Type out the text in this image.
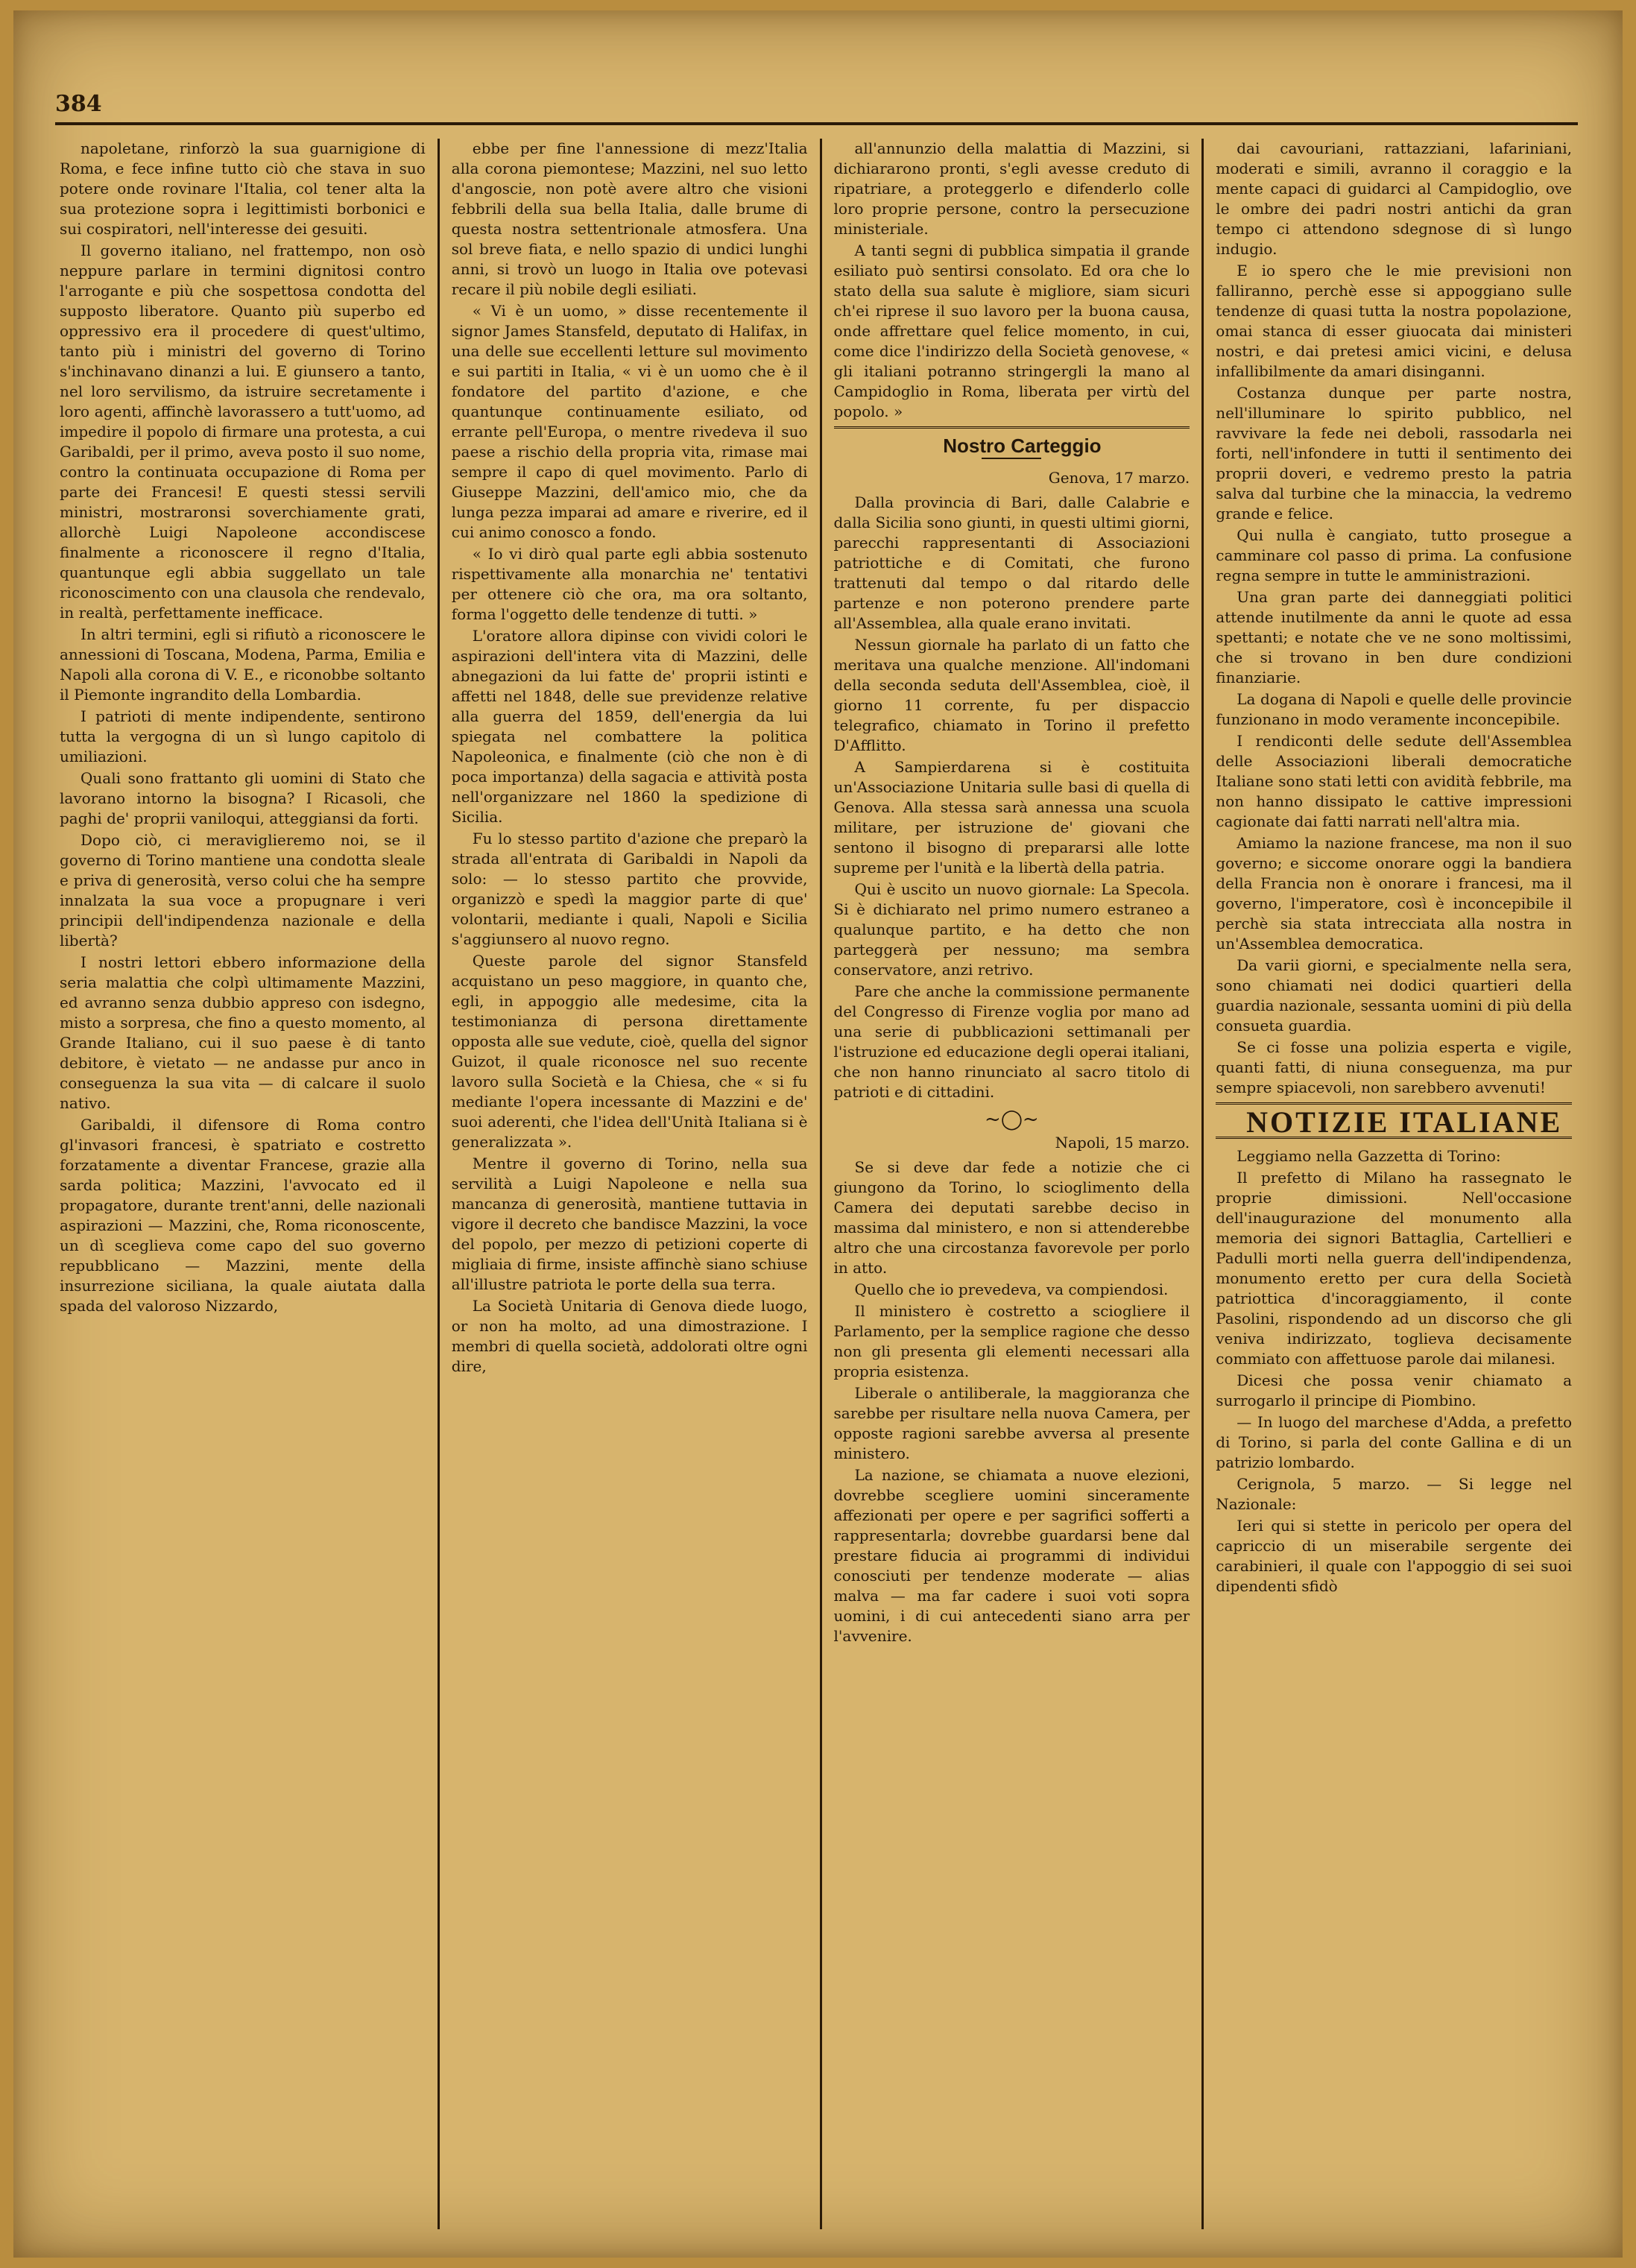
384

napoletane, rinforzò la sua guarnigione di Roma, e fece infine tutto ciò che stava in suo potere onde rovinare l'Italia, col tener alta la sua protezione sopra i legittimisti borbonici e sui cospiratori, nell'interesse dei gesuiti.

Il governo italiano, nel frattempo, non osò neppure parlare in termini dignitosi contro l'arrogante e più che sospettosa condotta del supposto liberatore. Quanto più superbo ed oppressivo era il procedere di quest'ultimo, tanto più i ministri del governo di Torino s'inchinavano dinanzi a lui. E giunsero a tanto, nel loro servilismo, da istruire secretamente i loro agenti, affinchè lavorassero a tutt'uomo, ad impedire il popolo di firmare una protesta, a cui Garibaldi, per il primo, aveva posto il suo nome, contro la continuata occupazione di Roma per parte dei Francesi! E questi stessi servili ministri, mostraronsi soverchiamente grati, allorchè Luigi Napoleone accondiscese finalmente a riconoscere il regno d'Italia, quantunque egli abbia suggellato un tale riconoscimento con una clausola che rendevalo, in realtà, perfettamente inefficace.

In altri termini, egli si rifiutò a riconoscere le annessioni di Toscana, Modena, Parma, Emilia e Napoli alla corona di V. E., e riconobbe soltanto il Piemonte ingrandito della Lombardia.

I patrioti di mente indipendente, sentirono tutta la vergogna di un sì lungo capitolo di umiliazioni.

Quali sono frattanto gli uomini di Stato che lavorano intorno la bisogna? I Ricasoli, che paghi de' proprii vaniloqui, atteggiansi da forti.

Dopo ciò, ci meraviglieremo noi, se il governo di Torino mantiene una condotta sleale e priva di generosità, verso colui che ha sempre innalzata la sua voce a propugnare i veri principii dell'indipendenza nazionale e della libertà?

I nostri lettori ebbero informazione della seria malattia che colpì ultimamente Mazzini, ed avranno senza dubbio appreso con isdegno, misto a sorpresa, che fino a questo momento, al Grande Italiano, cui il suo paese è di tanto debitore, è vietato — ne andasse pur anco in conseguenza la sua vita — di calcare il suolo nativo.

Garibaldi, il difensore di Roma contro gl'invasori francesi, è spatriato e costretto forzatamente a diventar Francese, grazie alla sarda politica; Mazzini, l'avvocato ed il propagatore, durante trent'anni, delle nazionali aspirazioni — Mazzini, che, Roma riconoscente, un dì sceglieva come capo del suo governo repubblicano — Mazzini, mente della insurrezione siciliana, la quale aiutata dalla spada del valoroso Nizzardo,

ebbe per fine l'annessione di mezz'Italia alla corona piemontese; Mazzini, nel suo letto d'angoscie, non potè avere altro che visioni febbrili della sua bella Italia, dalle brume di questa nostra settentrionale atmosfera. Una sol breve fiata, e nello spazio di undici lunghi anni, si trovò un luogo in Italia ove potevasi recare il più nobile degli esiliati.

« Vi è un uomo, » disse recentemente il signor James Stansfeld, deputato di Halifax, in una delle sue eccellenti letture sul movimento e sui partiti in Italia, « vi è un uomo che è il fondatore del partito d'azione, e che quantunque continuamente esiliato, od errante pell'Europa, o mentre rivedeva il suo paese a rischio della propria vita, rimase mai sempre il capo di quel movimento. Parlo di Giuseppe Mazzini, dell'amico mio, che da lunga pezza imparai ad amare e riverire, ed il cui animo conosco a fondo.

« Io vi dirò qual parte egli abbia sostenuto rispettivamente alla monarchia ne' tentativi per ottenere ciò che ora, ma ora soltanto, forma l'oggetto delle tendenze di tutti. »

L'oratore allora dipinse con vividi colori le aspirazioni dell'intera vita di Mazzini, delle abnegazioni da lui fatte de' proprii istinti e affetti nel 1848, delle sue previdenze relative alla guerra del 1859, dell'energia da lui spiegata nel combattere la politica Napoleonica, e finalmente (ciò che non è di poca importanza) della sagacia e attività posta nell'organizzare nel 1860 la spedizione di Sicilia.

Fu lo stesso partito d'azione che preparò la strada all'entrata di Garibaldi in Napoli da solo: — lo stesso partito che provvide, organizzò e spedì la maggior parte di que' volontarii, mediante i quali, Napoli e Sicilia s'aggiunsero al nuovo regno.

Queste parole del signor Stansfeld acquistano un peso maggiore, in quanto che, egli, in appoggio alle medesime, cita la testimonianza di persona direttamente opposta alle sue vedute, cioè, quella del signor Guizot, il quale riconosce nel suo recente lavoro sulla Società e la Chiesa, che « si fu mediante l'opera incessante di Mazzini e de' suoi aderenti, che l'idea dell'Unità Italiana si è generalizzata ».

Mentre il governo di Torino, nella sua servilità a Luigi Napoleone e nella sua mancanza di generosità, mantiene tuttavia in vigore il decreto che bandisce Mazzini, la voce del popolo, per mezzo di petizioni coperte di migliaia di firme, insiste affinchè siano schiuse all'illustre patriota le porte della sua terra.

La Società Unitaria di Genova diede luogo, or non ha molto, ad una dimostrazione. I membri di quella società, addolorati oltre ogni dire,

all'annunzio della malattia di Mazzini, si dichiararono pronti, s'egli avesse creduto di ripatriare, a proteggerlo e difenderlo colle loro proprie persone, contro la persecuzione ministeriale.

A tanti segni di pubblica simpatia il grande esiliato può sentirsi consolato. Ed ora che lo stato della sua salute è migliore, siam sicuri ch'ei riprese il suo lavoro per la buona causa, onde affrettare quel felice momento, in cui, come dice l'indirizzo della Società genovese, « gli italiani potranno stringergli la mano al Campidoglio in Roma, liberata per virtù del popolo. »

Nostro Carteggio

Genova, 17 marzo.

Dalla provincia di Bari, dalle Calabrie e dalla Sicilia sono giunti, in questi ultimi giorni, parecchi rappresentanti di Associazioni patriottiche e di Comitati, che furono trattenuti dal tempo o dal ritardo delle partenze e non poterono prendere parte all'Assemblea, alla quale erano invitati.

Nessun giornale ha parlato di un fatto che meritava una qualche menzione. All'indomani della seconda seduta dell'Assemblea, cioè, il giorno 11 corrente, fu per dispaccio telegrafico, chiamato in Torino il prefetto D'Afflitto.

A Sampierdarena si è costituita un'Associazione Unitaria sulle basi di quella di Genova. Alla stessa sarà annessa una scuola militare, per istruzione de' giovani che sentono il bisogno di prepararsi alle lotte supreme per l'unità e la libertà della patria.

Qui è uscito un nuovo giornale: La Specola. Si è dichiarato nel primo numero estraneo a qualunque partito, e ha detto che non parteggerà per nessuno; ma sembra conservatore, anzi retrivo.

Pare che anche la commissione permanente del Congresso di Firenze voglia por mano ad una serie di pubblicazioni settimanali per l'istruzione ed educazione degli operai italiani, che non hanno rinunciato al sacro titolo di patrioti e di cittadini.

~◯~

Napoli, 15 marzo.

Se si deve dar fede a notizie che ci giungono da Torino, lo scioglimento della Camera dei deputati sarebbe deciso in massima dal ministero, e non si attenderebbe altro che una circostanza favorevole per porlo in atto.

Quello che io prevedeva, va compiendosi.

Il ministero è costretto a sciogliere il Parlamento, per la semplice ragione che desso non gli presenta gli elementi necessari alla propria esistenza.

Liberale o antiliberale, la maggioranza che sarebbe per risultare nella nuova Camera, per opposte ragioni sarebbe avversa al presente ministero.

La nazione, se chiamata a nuove elezioni, dovrebbe scegliere uomini sinceramente affezionati per opere e per sagrifici sofferti a rappresentarla; dovrebbe guardarsi bene dal prestare fiducia ai programmi di individui conosciuti per tendenze moderate — alias malva — ma far cadere i suoi voti sopra uomini, i di cui antecedenti siano arra per l'avvenire.

dai cavouriani, rattazziani, lafariniani, moderati e simili, avranno il coraggio e la mente capaci di guidarci al Campidoglio, ove le ombre dei padri nostri antichi da gran tempo ci attendono sdegnose di sì lungo indugio.

E io spero che le mie previsioni non falliranno, perchè esse si appoggiano sulle tendenze di quasi tutta la nostra popolazione, omai stanca di esser giuocata dai ministeri nostri, e dai pretesi amici vicini, e delusa infallibilmente da amari disinganni.

Costanza dunque per parte nostra, nell'illuminare lo spirito pubblico, nel ravvivare la fede nei deboli, rassodarla nei forti, nell'infondere in tutti il sentimento dei proprii doveri, e vedremo presto la patria salva dal turbine che la minaccia, la vedremo grande e felice.

Qui nulla è cangiato, tutto prosegue a camminare col passo di prima. La confusione regna sempre in tutte le amministrazioni.

Una gran parte dei danneggiati politici attende inutilmente da anni le quote ad essa spettanti; e notate che ve ne sono moltissimi, che si trovano in ben dure condizioni finanziarie.

La dogana di Napoli e quelle delle provincie funzionano in modo veramente inconcepibile.

I rendiconti delle sedute dell'Assemblea delle Associazioni liberali democratiche Italiane sono stati letti con avidità febbrile, ma non hanno dissipato le cattive impressioni cagionate dai fatti narrati nell'altra mia.

Amiamo la nazione francese, ma non il suo governo; e siccome onorare oggi la bandiera della Francia non è onorare i francesi, ma il governo, l'imperatore, così è inconcepibile il perchè sia stata intrecciata alla nostra in un'Assemblea democratica.

Da varii giorni, e specialmente nella sera, sono chiamati nei dodici quartieri della guardia nazionale, sessanta uomini di più della consueta guardia.

Se ci fosse una polizia esperta e vigile, quanti fatti, di niuna conseguenza, ma pur sempre spiacevoli, non sarebbero avvenuti!

NOTIZIE ITALIANE

Leggiamo nella Gazzetta di Torino:

Il prefetto di Milano ha rassegnato le proprie dimissioni. Nell'occasione dell'inaugurazione del monumento alla memoria dei signori Battaglia, Cartellieri e Padulli morti nella guerra dell'indipendenza, monumento eretto per cura della Società patriottica d'incoraggiamento, il conte Pasolini, rispondendo ad un discorso che gli veniva indirizzato, toglieva decisamente commiato con affettuose parole dai milanesi.

Dicesi che possa venir chiamato a surrogarlo il principe di Piombino.

— In luogo del marchese d'Adda, a prefetto di Torino, si parla del conte Gallina e di un patrizio lombardo.

Cerignola, 5 marzo. — Si legge nel Nazionale:

Ieri qui si stette in pericolo per opera del capriccio di un miserabile sergente dei carabinieri, il quale con l'appoggio di sei suoi dipendenti sfidò
